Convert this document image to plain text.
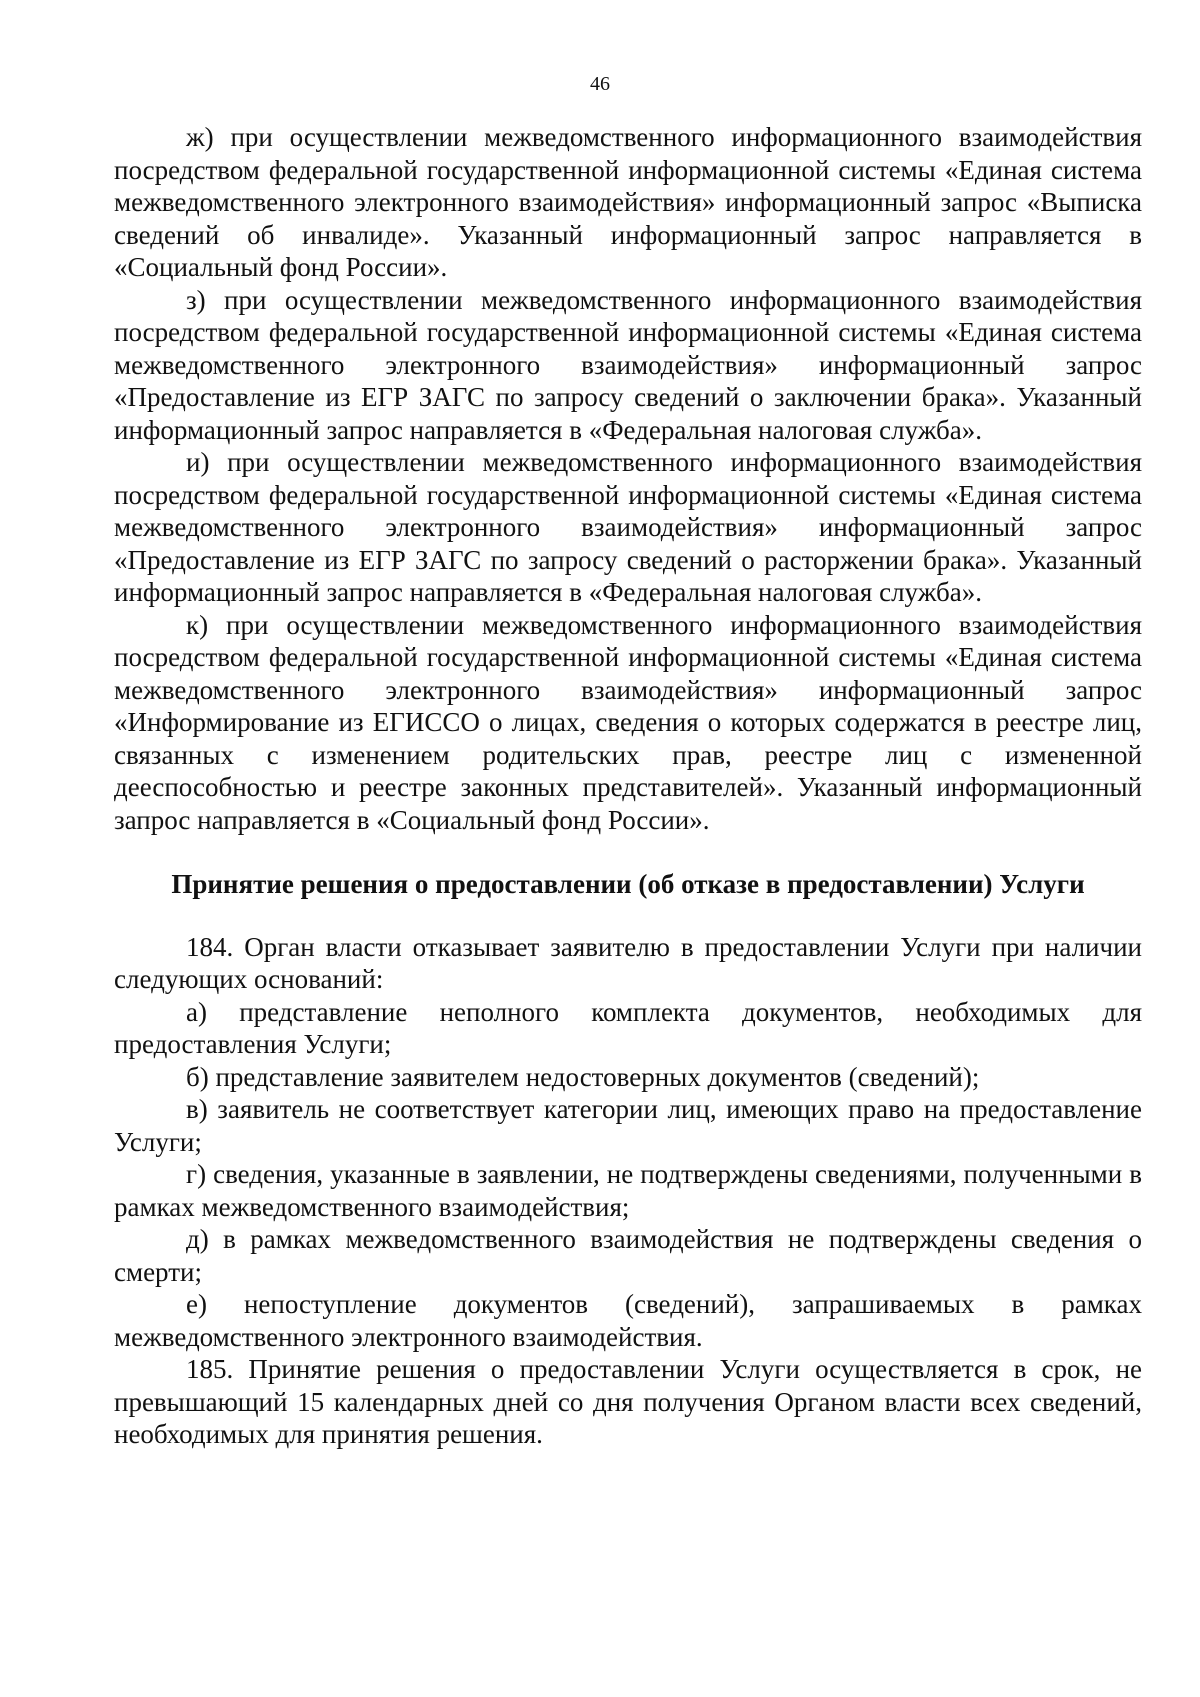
46

ж) при осуществлении межведомственного информационного взаимодействия посредством федеральной государственной информационной системы «Единая система межведомственного электронного взаимодействия» информационный запрос «Выписка сведений об инвалиде». Указанный информационный запрос направляется в «Социальный фонд России».

з) при осуществлении межведомственного информационного взаимодействия посредством федеральной государственной информационной системы «Единая система межведомственного электронного взаимодействия» информационный запрос «Предоставление из ЕГР ЗАГС по запросу сведений о заключении брака». Указанный информационный запрос направляется в «Федеральная налоговая служба».

и) при осуществлении межведомственного информационного взаимодействия посредством федеральной государственной информационной системы «Единая система межведомственного электронного взаимодействия» информационный запрос «Предоставление из ЕГР ЗАГС по запросу сведений о расторжении брака». Указанный информационный запрос направляется в «Федеральная налоговая служба».

к) при осуществлении межведомственного информационного взаимодействия посредством федеральной государственной информационной системы «Единая система межведомственного электронного взаимодействия» информационный запрос «Информирование из ЕГИССО о лицах, сведения о которых содержатся в реестре лиц, связанных с изменением родительских прав, реестре лиц с измененной дееспособностью и реестре законных представителей». Указанный информационный запрос направляется в «Социальный фонд России».

Принятие решения о предоставлении (об отказе в предоставлении) Услуги

184. Орган власти отказывает заявителю в предоставлении Услуги при наличии следующих оснований:

а) представление неполного комплекта документов, необходимых для предоставления Услуги;

б) представление заявителем недостоверных документов (сведений);

в) заявитель не соответствует категории лиц, имеющих право на предоставление Услуги;

г) сведения, указанные в заявлении, не подтверждены сведениями, полученными в рамках межведомственного взаимодействия;

д) в рамках межведомственного взаимодействия не подтверждены сведения о смерти;

е) непоступление документов (сведений), запрашиваемых в рамках межведомственного электронного взаимодействия.

185. Принятие решения о предоставлении Услуги осуществляется в срок, не превышающий 15 календарных дней со дня получения Органом власти всех сведений, необходимых для принятия решения.
